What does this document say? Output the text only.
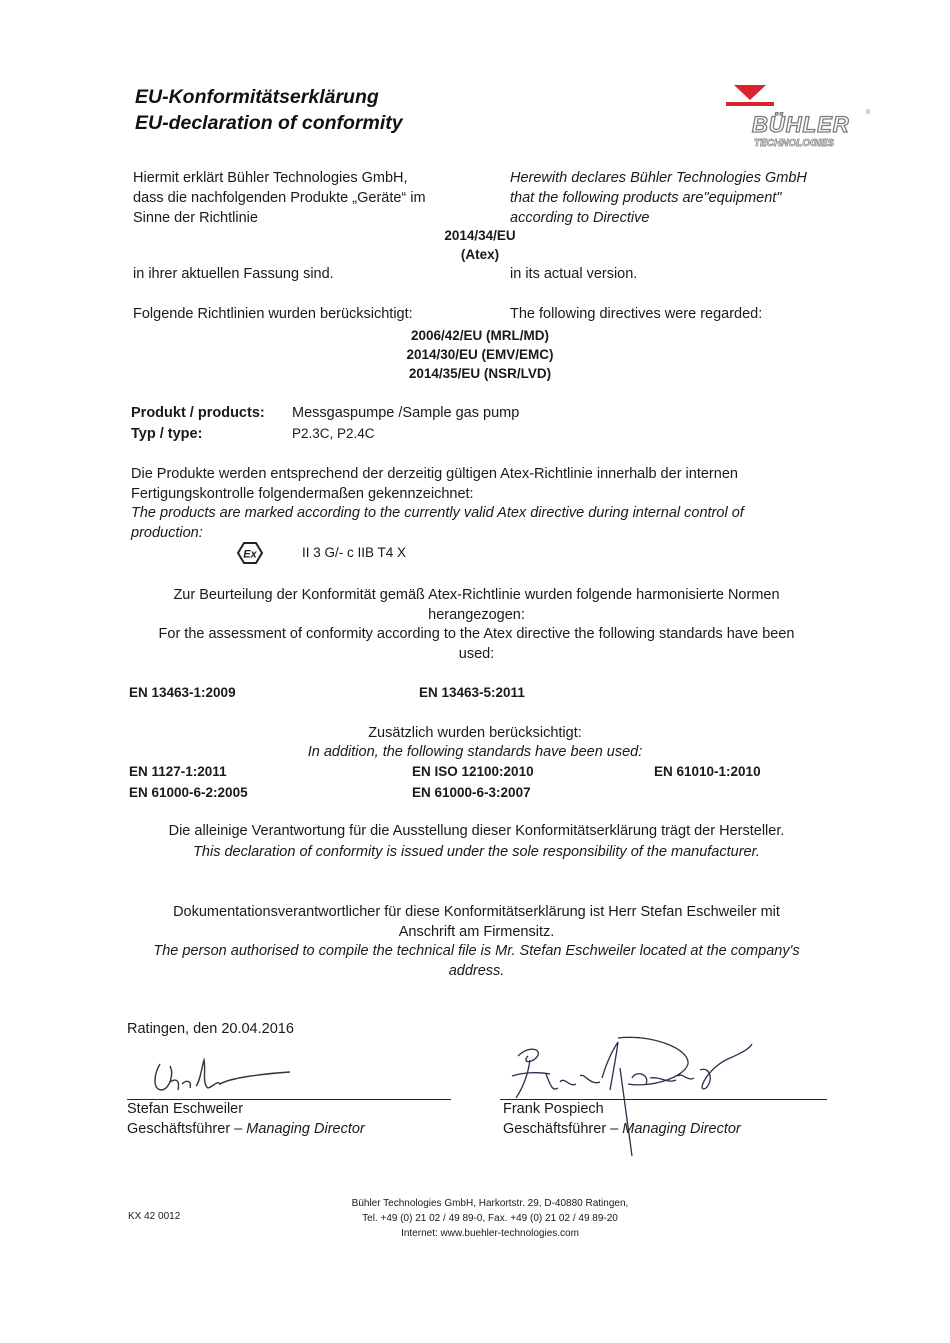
EU-Konformitätserklärung
EU-declaration of conformity	BÜHLER
TECHNOLOGIES
®
Hiermit erklärt Bühler Technologies GmbH,
dass die nachfolgenden Produkte „Geräte“ im
Sinne der Richtlinie
Herewith declares Bühler Technologies GmbH
that the following products are"equipment"
according to Directive
2014/34/EU
(Atex)
in ihrer aktuellen Fassung sind.	in its actual version.
Folgende Richtlinien wurden berücksichtigt:	The following directives were regarded:
2006/42/EU (MRL/MD)
2014/30/EU (EMV/EMC)
2014/35/EU (NSR/LVD)
Produkt / products: Messgaspumpe /Sample gas pump
Typ / type:	P2.3C, P2.4C
Die Produkte werden entsprechend der derzeitig gültigen Atex-Richtlinie innerhalb der internen
Fertigungskontrolle folgendermaßen gekennzeichnet:
The products are marked according to the currently valid Atex directive during internal control of
production:
Ex	II 3 G/- c IIB T4 X
Zur Beurteilung der Konformität gemäß Atex-Richtlinie wurden folgende harmonisierte Normen
herangezogen:
For the assessment of conformity according to the Atex directive the following standards have been
used:
EN 13463-1:2009	EN 13463-5:2011
Zusätzlich wurden berücksichtigt:
In addition, the following standards have been used:
EN 1127-1:2011	EN ISO 12100:2010	EN 61010-1:2010
EN 61000-6-2:2005	EN 61000-6-3:2007
Die alleinige Verantwortung für die Ausstellung dieser Konformitätserklärung trägt der Hersteller.
This declaration of conformity is issued under the sole responsibility of the manufacturer.
Dokumentationsverantwortlicher für diese Konformitätserklärung ist Herr Stefan Eschweiler mit
Anschrift am Firmensitz.
The person authorised to compile the technical file is Mr. Stefan Eschweiler located at the company's
address.
Ratingen, den 20.04.2016
Stefan Eschweiler
Geschäftsführer – Managing Director
Frank Pospiech
Geschäftsführer – Managing Director
KX 42 0012
Bühler Technologies GmbH, Harkortstr. 29, D-40880 Ratingen,
Tel. +49 (0) 21 02 / 49 89-0, Fax. +49 (0) 21 02 / 49 89-20
Internet: www.buehler-technologies.com
